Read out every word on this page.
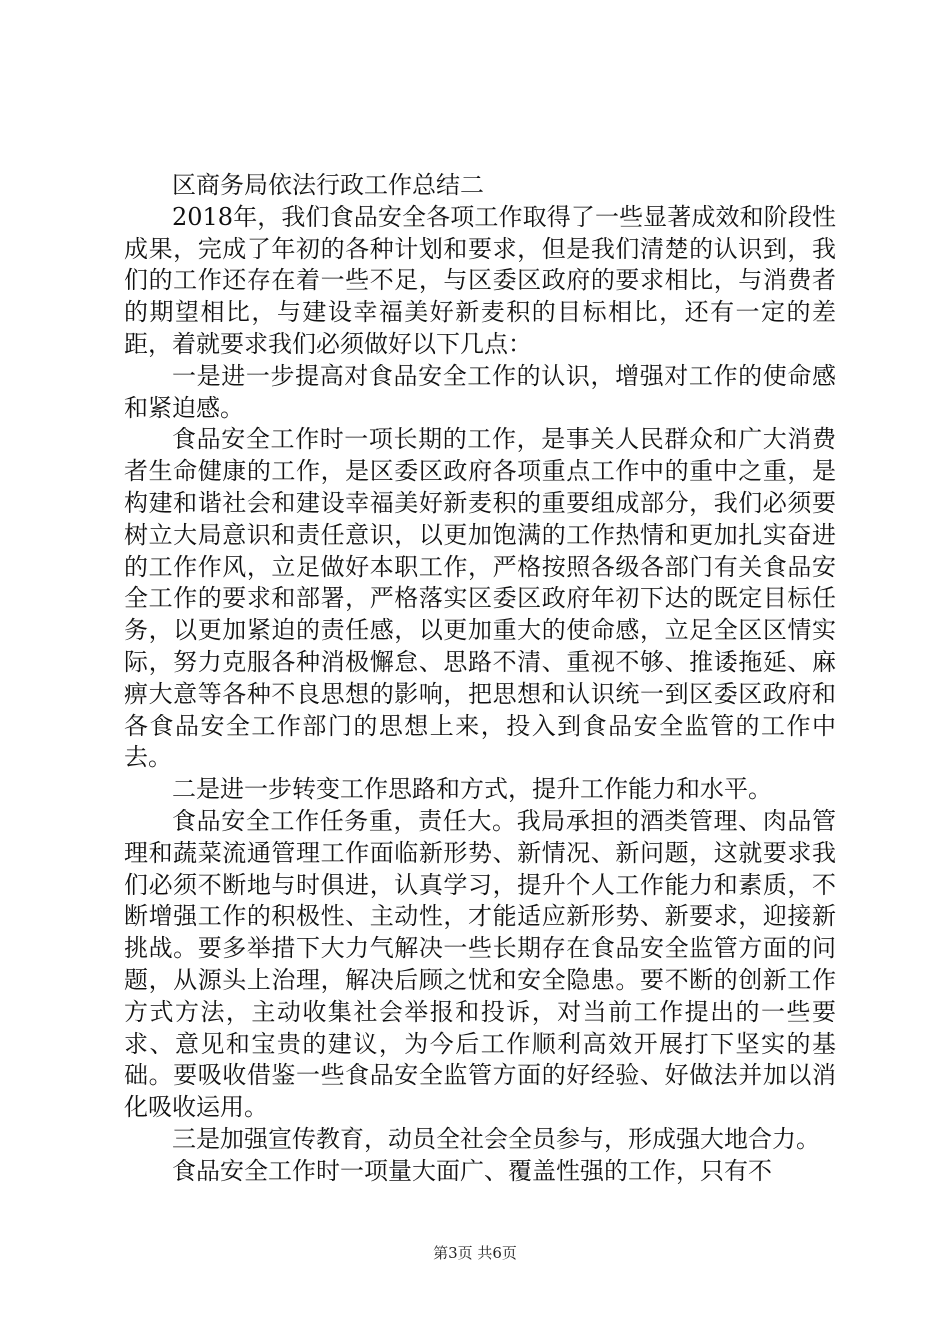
区商务局依法行政工作总结二

2018年，我们食品安全各项工作取得了一些显著成效和阶段性成果，完成了年初的各种计划和要求，但是我们清楚的认识到，我们的工作还存在着一些不足，与区委区政府的要求相比，与消费者的期望相比，与建设幸福美好新麦积的目标相比，还有一定的差距，着就要求我们必须做好以下几点：

一是进一步提高对食品安全工作的认识，增强对工作的使命感和紧迫感。

食品安全工作时一项长期的工作，是事关人民群众和广大消费者生命健康的工作，是区委区政府各项重点工作中的重中之重，是构建和谐社会和建设幸福美好新麦积的重要组成部分，我们必须要树立大局意识和责任意识，以更加饱满的工作热情和更加扎实奋进的工作作风，立足做好本职工作，严格按照各级各部门有关食品安全工作的要求和部署，严格落实区委区政府年初下达的既定目标任务，以更加紧迫的责任感，以更加重大的使命感，立足全区区情实际，努力克服各种消极懈怠、思路不清、重视不够、推诿拖延、麻痹大意等各种不良思想的影响，把思想和认识统一到区委区政府和各食品安全工作部门的思想上来，投入到食品安全监管的工作中去。

二是进一步转变工作思路和方式，提升工作能力和水平。

食品安全工作任务重，责任大。我局承担的酒类管理、肉品管理和蔬菜流通管理工作面临新形势、新情况、新问题，这就要求我们必须不断地与时俱进，认真学习，提升个人工作能力和素质，不断增强工作的积极性、主动性，才能适应新形势、新要求，迎接新挑战。要多举措下大力气解决一些长期存在食品安全监管方面的问题，从源头上治理，解决后顾之忧和安全隐患。要不断的创新工作方式方法，主动收集社会举报和投诉，对当前工作提出的一些要求、意见和宝贵的建议，为今后工作顺利高效开展打下坚实的基础。要吸收借鉴一些食品安全监管方面的好经验、好做法并加以消化吸收运用。

三是加强宣传教育，动员全社会全员参与，形成强大地合力。

食品安全工作时一项量大面广、覆盖性强的工作，只有不

第3页 共6页
